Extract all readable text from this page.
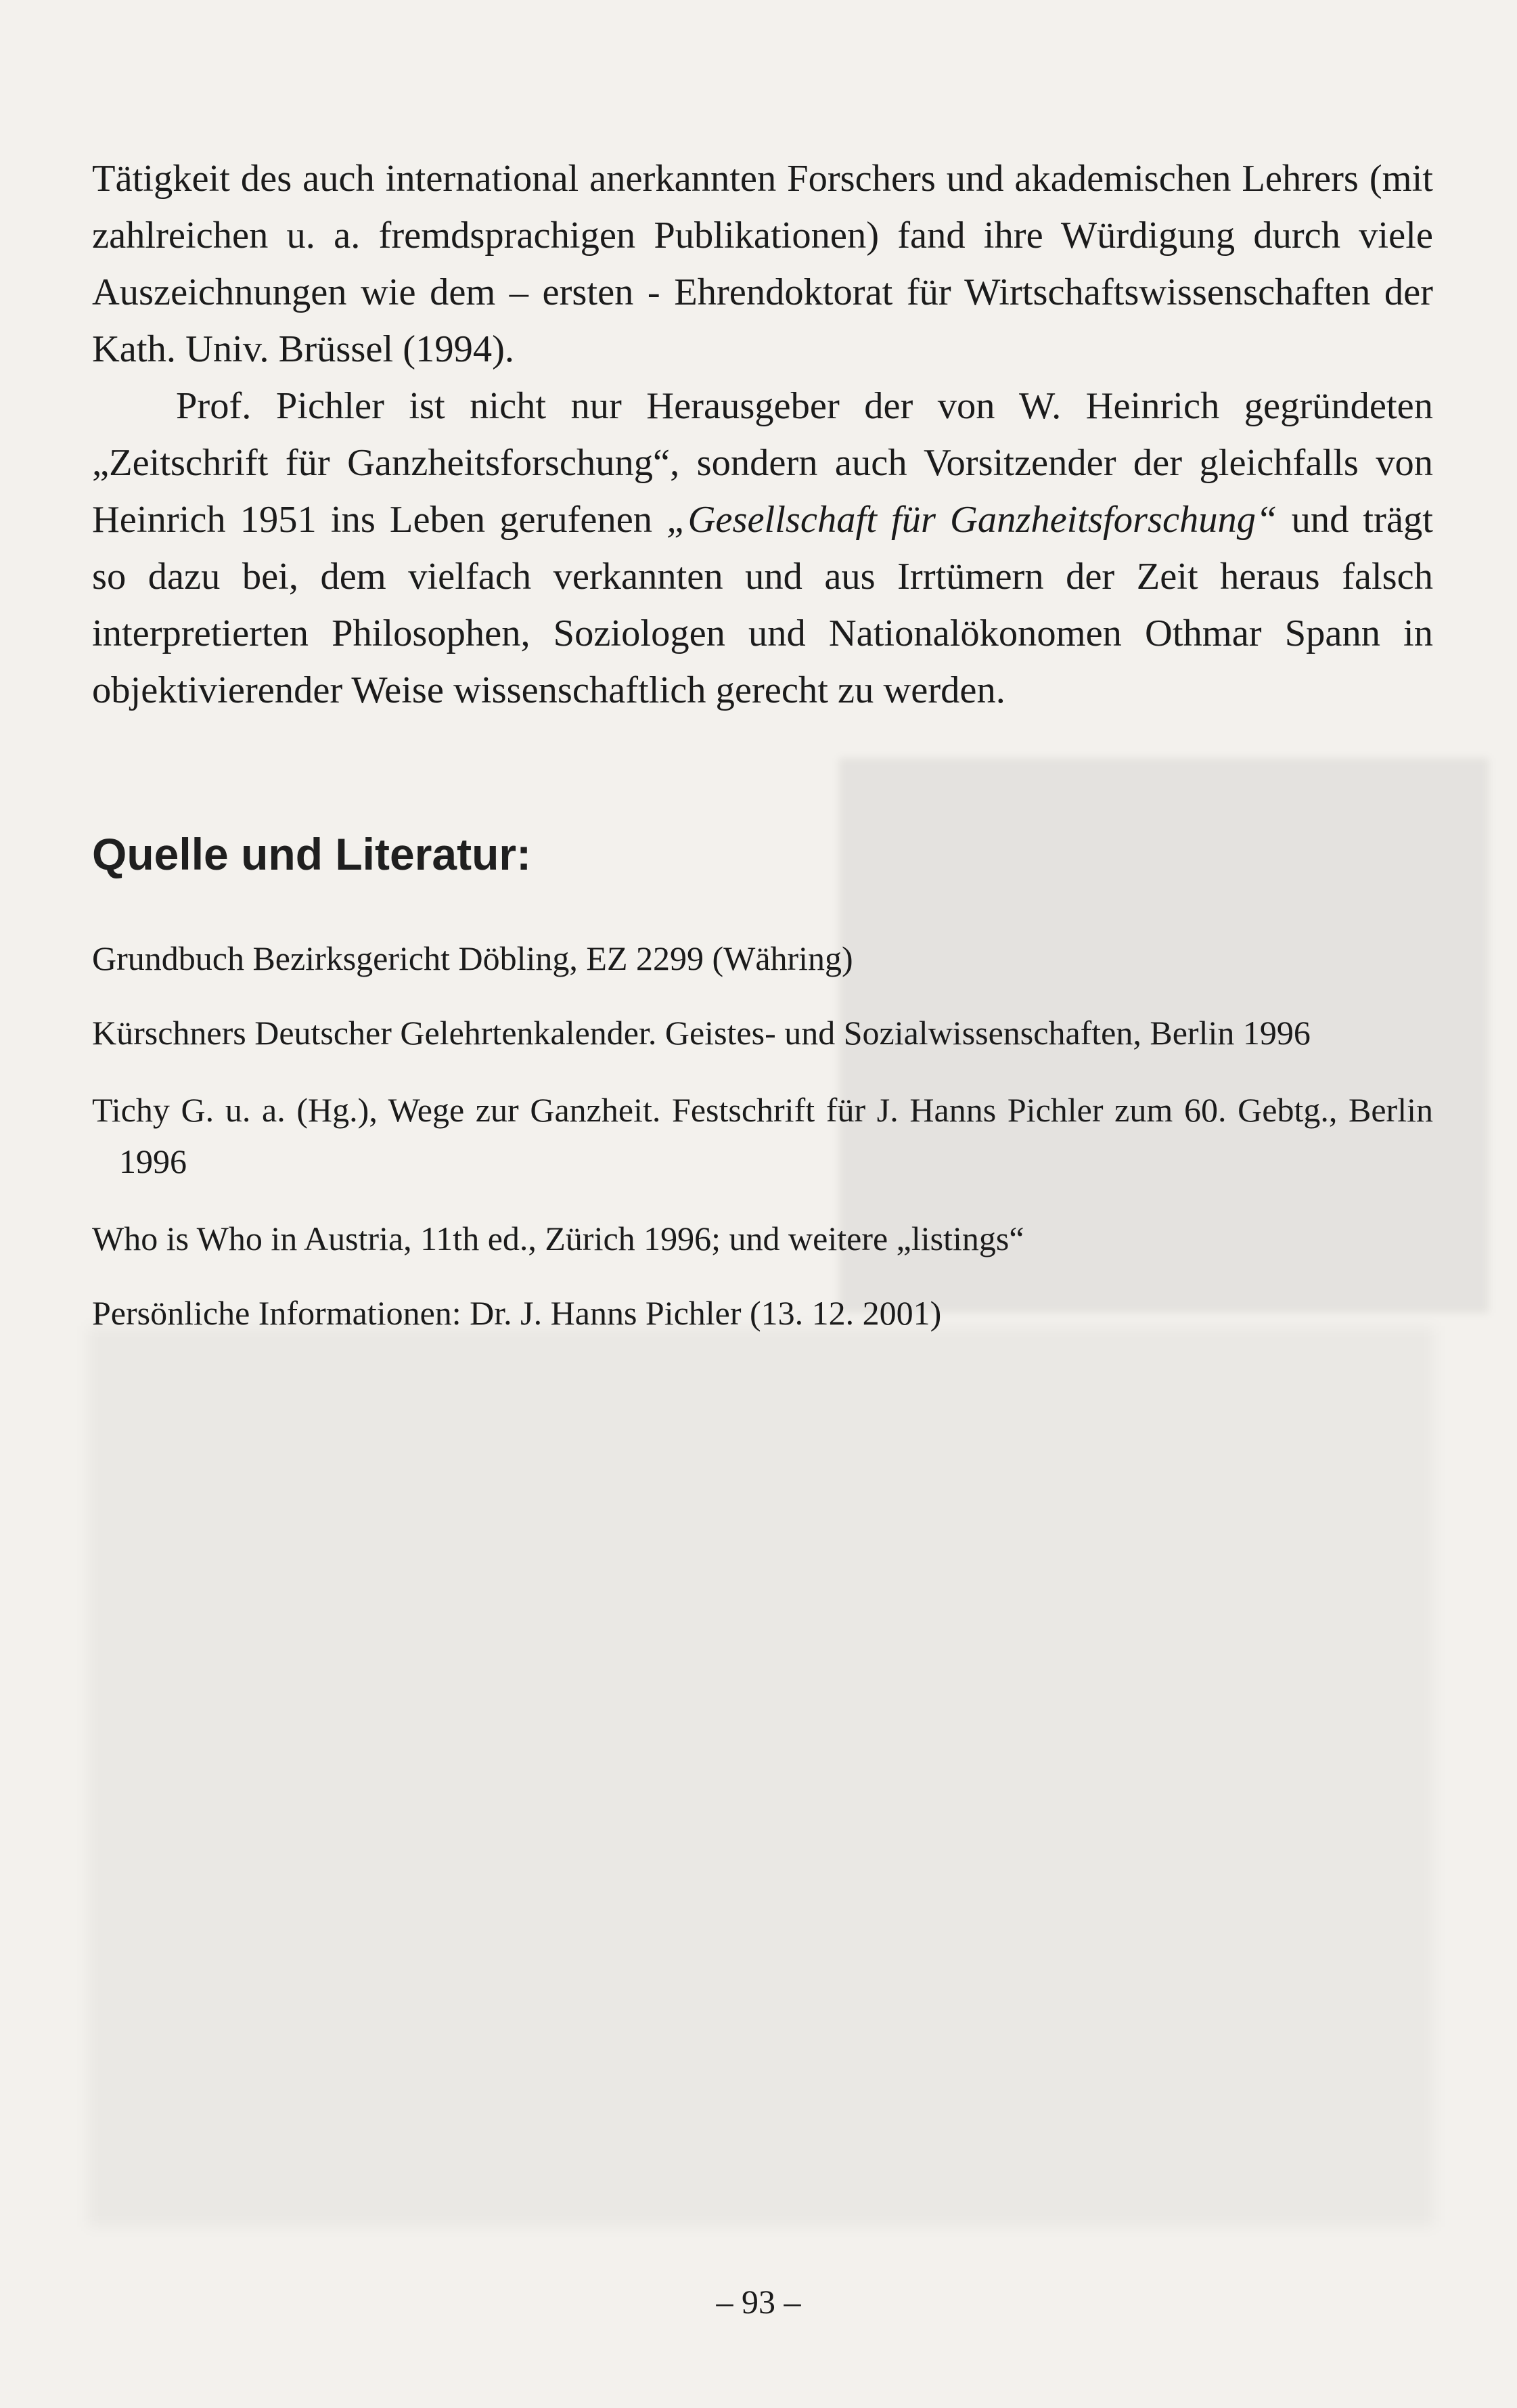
Tätigkeit des auch international anerkannten Forschers und akademischen Lehrers (mit zahlreichen u. a. fremdsprachigen Publikationen) fand ihre Würdigung durch viele Auszeichnungen wie dem – ersten - Ehrendoktorat für Wirtschaftswissenschaften der Kath. Univ. Brüssel (1994).

Prof. Pichler ist nicht nur Herausgeber der von W. Heinrich gegründeten „Zeitschrift für Ganzheitsforschung“, sondern auch Vorsitzender der gleichfalls von Heinrich 1951 ins Leben gerufenen „Gesellschaft für Ganzheitsforschung“ und trägt so dazu bei, dem vielfach verkannten und aus Irrtümern der Zeit heraus falsch interpretierten Philosophen, Soziologen und Nationalökonomen Othmar Spann in objektivierender Weise wissenschaftlich gerecht zu werden.

Quelle und Literatur:

Grundbuch Bezirksgericht Döbling, EZ 2299 (Währing)

Kürschners Deutscher Gelehrtenkalender. Geistes- und Sozialwissenschaften, Berlin 1996

Tichy G. u. a. (Hg.), Wege zur Ganzheit. Festschrift für J. Hanns Pichler zum 60. Gebtg., Berlin 1996

Who is Who in Austria, 11th ed., Zürich 1996; und weitere „listings“

Persönliche Informationen: Dr. J. Hanns Pichler (13. 12. 2001)

– 93 –
